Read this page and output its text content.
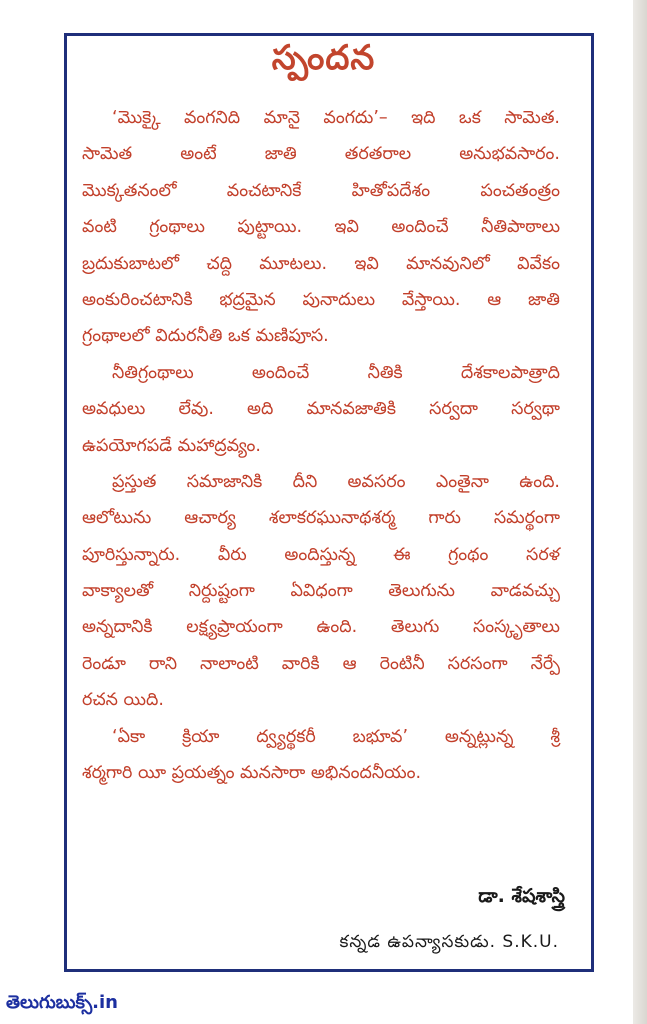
స్పందన
‘మొక్కై వంగనిది మానై వంగదు’– ఇది ఒక సామెత.
సామెత అంటే జాతి తరతరాల అనుభవసారం.
మొక్కతనంలో వంచటానికే హితోపదేశం పంచతంత్రం
వంటి గ్రంథాలు పుట్టాయి. ఇవి అందించే నీతిపాఠాలు
బ్రదుకుబాటలో చద్ది మూటలు. ఇవి మానవునిలో వివేకం
అంకురించటానికి భద్రమైన పునాదులు వేస్తాయి. ఆ జాతి
గ్రంథాలలో విదురనీతి ఒక మణిపూస.
నీతిగ్రంథాలు అందించే నీతికి దేశకాలపాత్రాది
అవధులు లేవు. అది మానవజాతికి సర్వదా సర్వథా
ఉపయోగపడే మహాద్రవ్యం.
ప్రస్తుత సమాజానికి దీని అవసరం ఎంతైనా ఉంది.
ఆలోటును ఆచార్య శలాకరఘునాథశర్మ గారు సమర్థంగా
పూరిస్తున్నారు. వీరు అందిస్తున్న ఈ గ్రంథం సరళ
వాక్యాలతో నిర్దుష్టంగా ఏవిధంగా తెలుగును వాడవచ్చు
అన్నదానికి లక్ష్యప్రాయంగా ఉంది. తెలుగు సంస్కృతాలు
రెండూ రాని నాలాంటి వారికి ఆ రెంటినీ సరసంగా నేర్పే
రచన యిది.
‘ఏకా క్రియా ద్వ్యర్థకరీ బభూవ’ అన్నట్లున్న శ్రీ
శర్మగారి యీ ప్రయత్నం మనసారా అభినందనీయం.
డా. శేషశాస్త్రి
కన్నడ ఉపన్యాసకుడు. S.K.U.
తెలుగుబుక్స్.in
